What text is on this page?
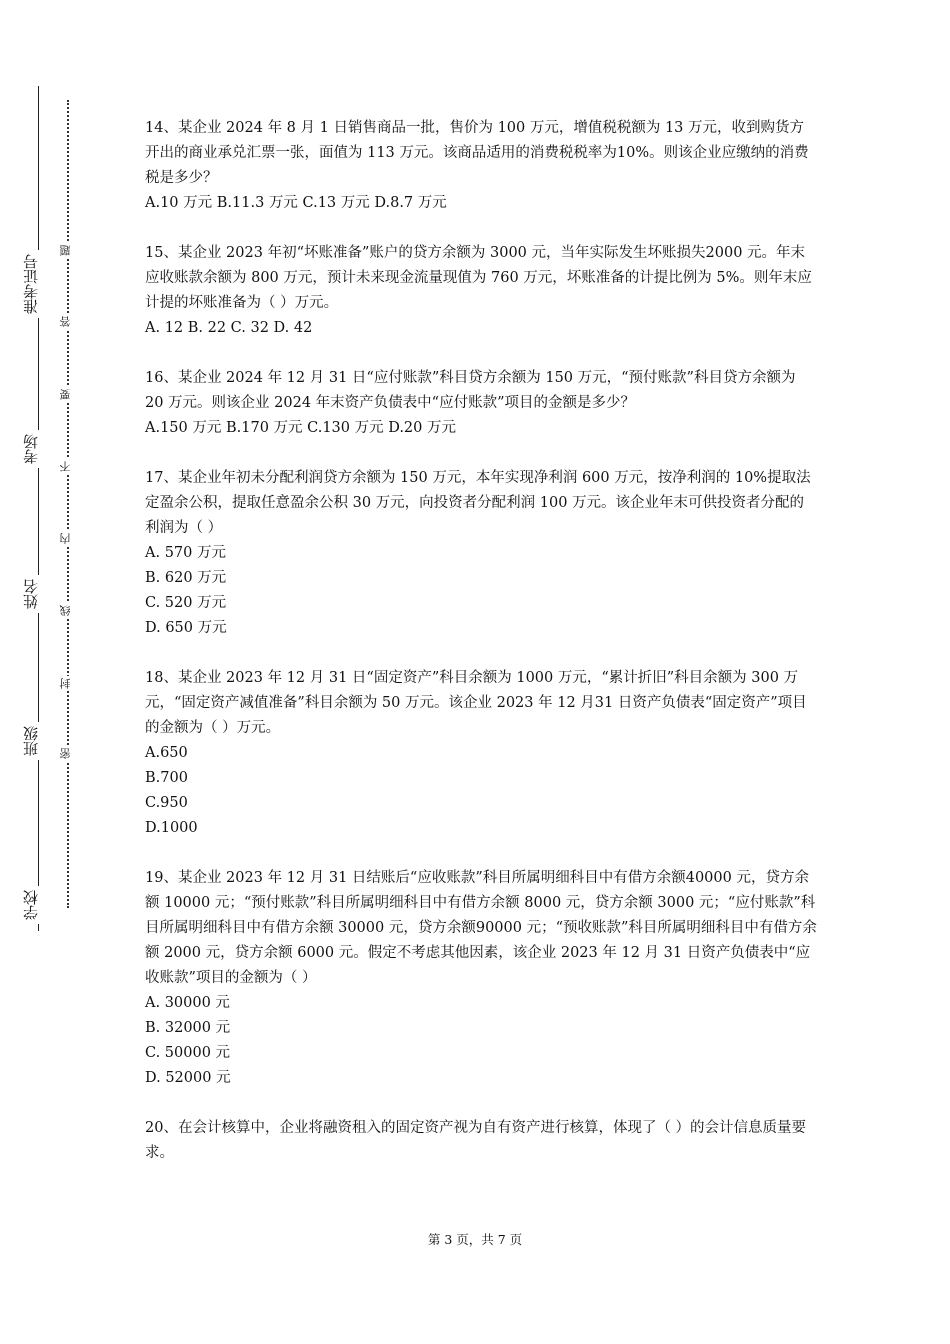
准考证号
考场
姓名
班级
学校
题
答
要
不
内
线
封
密

14、某企业 2024 年 8 月 1 日销售商品一批，售价为 100 万元，增值税税额为 13 万元，收到购货方开出的商业承兑汇票一张，面值为 113 万元。该商品适用的消费税税率为10%。则该企业应缴纳的消费税是多少？

A.10 万元 B.11.3 万元 C.13 万元 D.8.7 万元

15、某企业 2023 年初“坏账准备”账户的贷方余额为 3000 元，当年实际发生坏账损失2000 元。年末应收账款余额为 800 万元，预计未来现金流量现值为 760 万元，坏账准备的计提比例为 5%。则年末应计提的坏账准备为（ ）万元。

A. 12 B. 22 C. 32 D. 42

16、某企业 2024 年 12 月 31 日“应付账款”科目贷方余额为 150 万元，“预付账款”科目贷方余额为 20 万元。则该企业 2024 年末资产负债表中“应付账款”项目的金额是多少？

A.150 万元 B.170 万元 C.130 万元 D.20 万元

17、某企业年初未分配利润贷方余额为 150 万元，本年实现净利润 600 万元，按净利润的 10%提取法定盈余公积，提取任意盈余公积 30 万元，向投资者分配利润 100 万元。该企业年末可供投资者分配的利润为（ ）

A. 570 万元

B. 620 万元

C. 520 万元

D. 650 万元

18、某企业 2023 年 12 月 31 日“固定资产”科目余额为 1000 万元，“累计折旧”科目余额为 300 万元，“固定资产减值准备”科目余额为 50 万元。该企业 2023 年 12 月31 日资产负债表“固定资产”项目的金额为（ ）万元。

A.650

B.700

C.950

D.1000

19、某企业 2023 年 12 月 31 日结账后“应收账款”科目所属明细科目中有借方余额40000 元，贷方余额 10000 元；“预付账款”科目所属明细科目中有借方余额 8000 元，贷方余额 3000 元；“应付账款”科目所属明细科目中有借方余额 30000 元，贷方余额90000 元；“预收账款”科目所属明细科目中有借方余额 2000 元，贷方余额 6000 元。假定不考虑其他因素，该企业 2023 年 12 月 31 日资产负债表中“应收账款”项目的金额为（ ）

A. 30000 元

B. 32000 元

C. 50000 元

D. 52000 元

20、在会计核算中，企业将融资租入的固定资产视为自有资产进行核算，体现了（ ）的会计信息质量要求。

第 3 页，共 7 页
